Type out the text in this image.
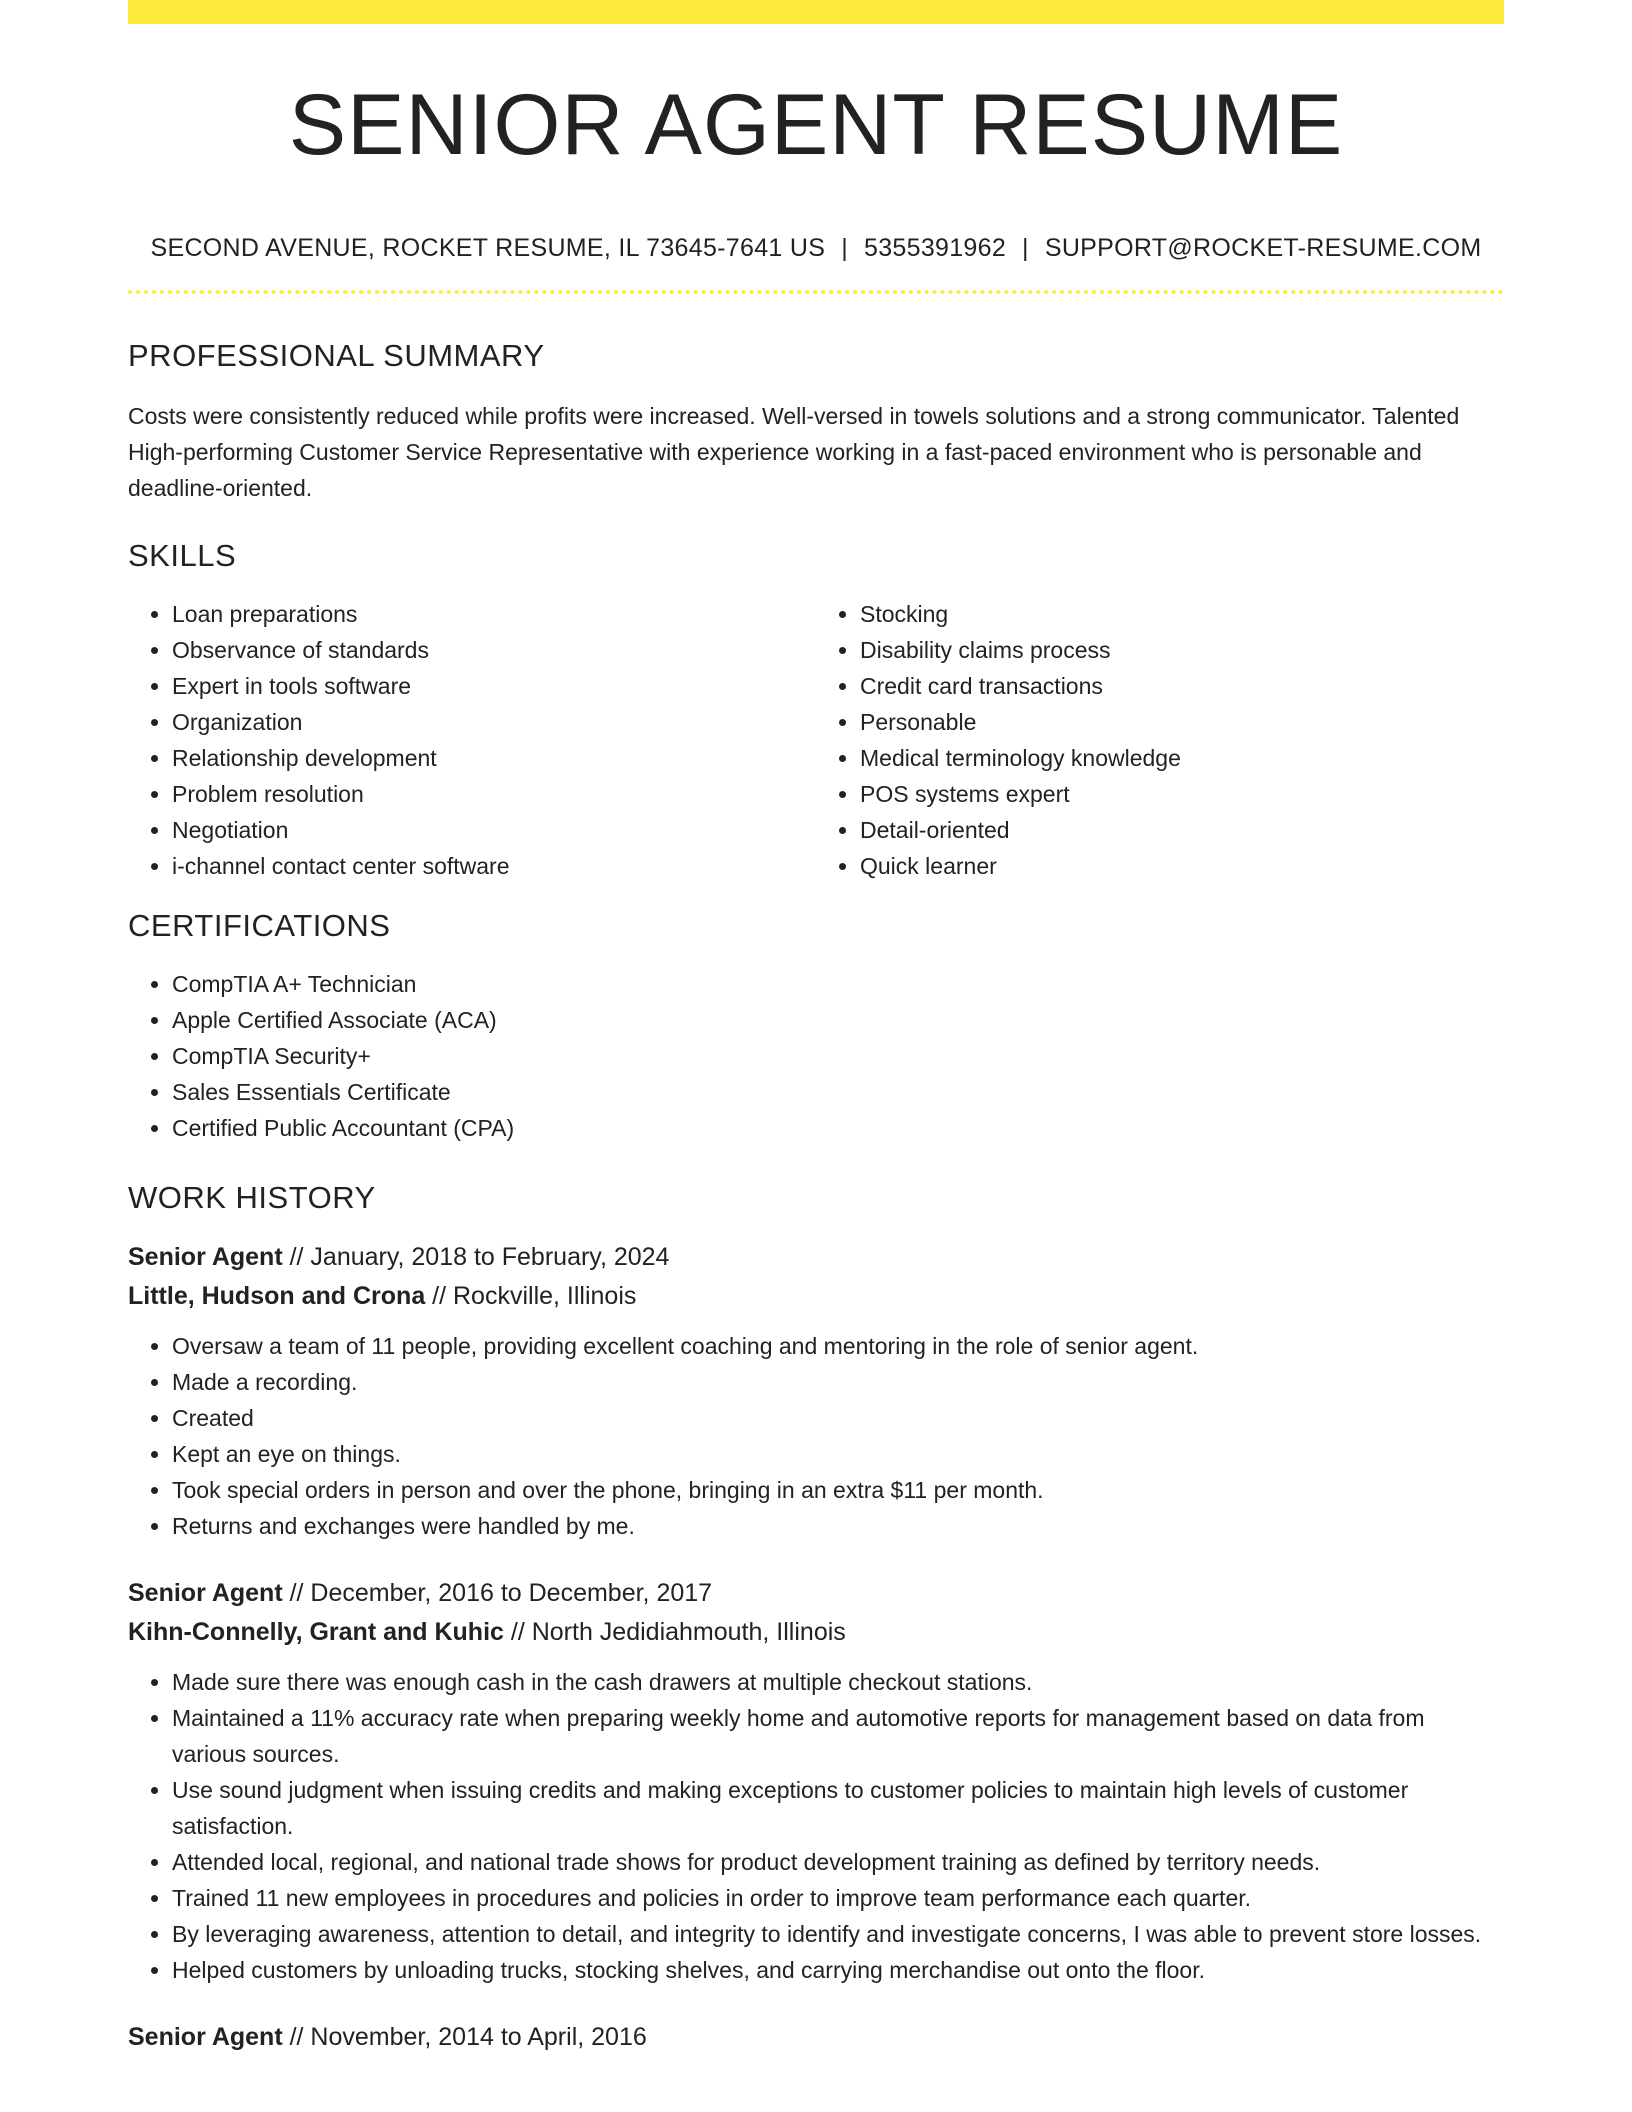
SENIOR AGENT RESUME
SECOND AVENUE, ROCKET RESUME, IL 73645-7641 US | 5355391962 | SUPPORT@ROCKET-RESUME.COM
PROFESSIONAL SUMMARY
Costs were consistently reduced while profits were increased. Well-versed in towels solutions and a strong communicator. Talented High-performing Customer Service Representative with experience working in a fast-paced environment who is personable and deadline-oriented.
SKILLS
• Loan preparations
• Observance of standards
• Expert in tools software
• Organization
• Relationship development
• Problem resolution
• Negotiation
• i-channel contact center software
• Stocking
• Disability claims process
• Credit card transactions
• Personable
• Medical terminology knowledge
• POS systems expert
• Detail-oriented
• Quick learner
CERTIFICATIONS
• CompTIA A+ Technician
• Apple Certified Associate (ACA)
• CompTIA Security+
• Sales Essentials Certificate
• Certified Public Accountant (CPA)
WORK HISTORY
Senior Agent // January, 2018 to February, 2024
Little, Hudson and Crona // Rockville, Illinois
• Oversaw a team of 11 people, providing excellent coaching and mentoring in the role of senior agent.
• Made a recording.
• Created
• Kept an eye on things.
• Took special orders in person and over the phone, bringing in an extra $11 per month.
• Returns and exchanges were handled by me.
Senior Agent // December, 2016 to December, 2017
Kihn-Connelly, Grant and Kuhic // North Jedidiahmouth, Illinois
• Made sure there was enough cash in the cash drawers at multiple checkout stations.
• Maintained a 11% accuracy rate when preparing weekly home and automotive reports for management based on data from various sources.
• Use sound judgment when issuing credits and making exceptions to customer policies to maintain high levels of customer satisfaction.
• Attended local, regional, and national trade shows for product development training as defined by territory needs.
• Trained 11 new employees in procedures and policies in order to improve team performance each quarter.
• By leveraging awareness, attention to detail, and integrity to identify and investigate concerns, I was able to prevent store losses.
• Helped customers by unloading trucks, stocking shelves, and carrying merchandise out onto the floor.
Senior Agent // November, 2014 to April, 2016
